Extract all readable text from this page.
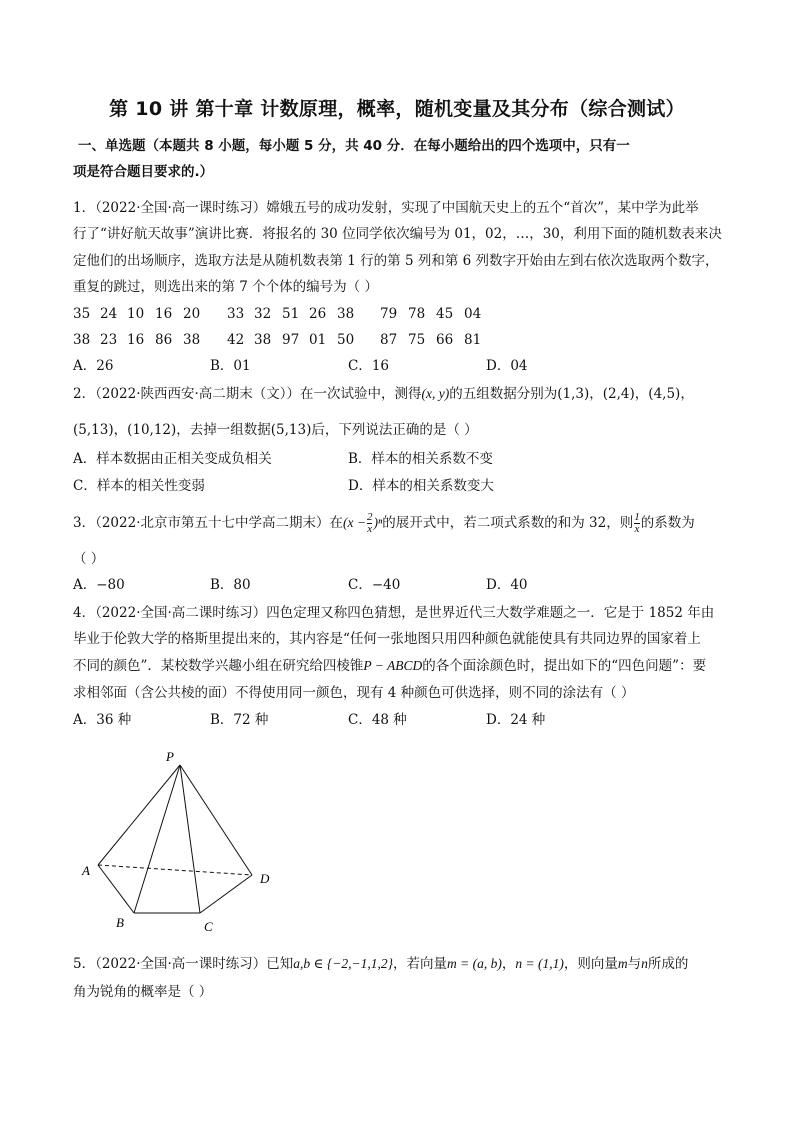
第 10 讲 第十章 计数原理，概率，随机变量及其分布（综合测试）
一、单选题（本题共 8 小题，每小题 5 分，共 40 分．在每小题给出的四个选项中，只有一
项是符合题目要求的.）
1．（2022·全国·高一课时练习）嫦娥五号的成功发射，实现了中国航天史上的五个“首次”，某中学为此举
行了“讲好航天故事”演讲比赛．将报名的 30 位同学依次编号为 01，02，…，30，利用下面的随机数表来决
定他们的出场顺序，选取方法是从随机数表第 1 行的第 5 列和第 6 列数字开始由左到右依次选取两个数字，
重复的跳过，则选出来的第 7 个个体的编号为（ ）
35 24 10 16 20 33 32 51 26 38 79 78 45 04
38 23 16 86 38 42 38 97 01 50 87 75 66 81
A．26	B．01	C．16	D．04
2．（2022·陕西西安·高二期末（文））在一次试验中，测得(x, y)的五组数据分别为(1,3)，(2,4)，(4,5)，
(5,13)，(10,12)，去掉一组数据(5,13)后，下列说法正确的是（ ）
A．样本数据由正相关变成负相关	B．样本的相关系数不变
C．样本的相关性变弱	D．样本的相关系数变大
3．（2022·北京市第五十七中学高二期末）在$(x - \frac{2}{x} )^n$的展开式中，若二项式系数的和为 32，则 $\frac{1}{x}$ 的系数为
（ ）
A．−80	B．80	C．−40	D．40
4．（2022·全国·高二课时练习）四色定理又称四色猜想，是世界近代三大数学难题之一．它是于 1852 年由
毕业于伦敦大学的格斯里提出来的，其内容是“任何一张地图只用四种颜色就能使具有共同边界的国家着上
不同的颜色”．某校数学兴趣小组在研究给四棱锥P − ABCD的各个面涂颜色时，提出如下的“四色问题”：要
求相邻面（含公共棱的面）不得使用同一颜色，现有 4 种颜色可供选择，则不同的涂法有（ ）
A．36 种	B．72 种	C．48 种	D．24 种
P
A
B	C
D
5．（2022·全国·高一课时练习）已知a,b ∈ {−2,−1,1,2}，若向量m = (a, b)，n = (1,1)，则向量m与n所成的
角为锐角的概率是（ ）
